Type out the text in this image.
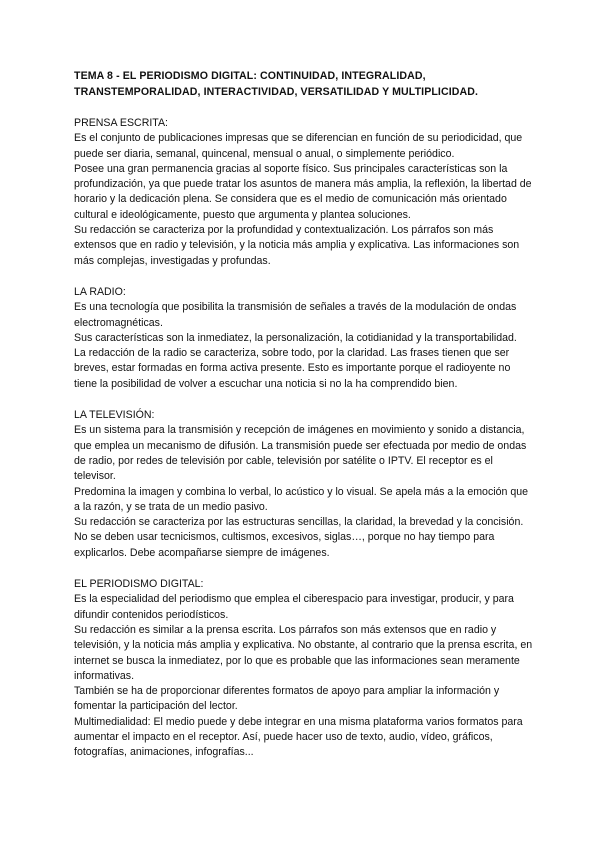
TEMA 8 - EL PERIODISMO DIGITAL: CONTINUIDAD, INTEGRALIDAD, TRANSTEMPORALIDAD, INTERACTIVIDAD, VERSATILIDAD Y MULTIPLICIDAD.

PRENSA ESCRITA:

Es el conjunto de publicaciones impresas que se diferencian en función de su periodicidad, que puede ser diaria, semanal, quincenal, mensual o anual, o simplemente periódico.

Posee una gran permanencia gracias al soporte físico. Sus principales características son la profundización, ya que puede tratar los asuntos de manera más amplia, la reflexión, la libertad de horario y la dedicación plena. Se considera que es el medio de comunicación más orientado cultural e ideológicamente, puesto que argumenta y plantea soluciones.

Su redacción se caracteriza por la profundidad y contextualización. Los párrafos son más extensos que en radio y televisión, y la noticia más amplia y explicativa. Las informaciones son más complejas, investigadas y profundas.

LA RADIO:

Es una tecnología que posibilita la transmisión de señales a través de la modulación de ondas electromagnéticas.

Sus características son la inmediatez, la personalización, la cotidianidad y la transportabilidad.

La redacción de la radio se caracteriza, sobre todo, por la claridad. Las frases tienen que ser breves, estar formadas en forma activa presente. Esto es importante porque el radioyente no tiene la posibilidad de volver a escuchar una noticia si no la ha comprendido bien.

LA TELEVISIÓN:

Es un sistema para la transmisión y recepción de imágenes en movimiento y sonido a distancia, que emplea un mecanismo de difusión. La transmisión puede ser efectuada por medio de ondas de radio, por redes de televisión por cable, televisión por satélite o IPTV. El receptor es el televisor.

Predomina la imagen y combina lo verbal, lo acústico y lo visual. Se apela más a la emoción que a la razón, y se trata de un medio pasivo.

Su redacción se caracteriza por las estructuras sencillas, la claridad, la brevedad y la concisión. No se deben usar tecnicismos, cultismos, excesivos, siglas…, porque no hay tiempo para explicarlos. Debe acompañarse siempre de imágenes.

EL PERIODISMO DIGITAL:

Es la especialidad del periodismo que emplea el ciberespacio para investigar, producir, y para difundir contenidos periodísticos.

Su redacción es similar a la prensa escrita. Los párrafos son más extensos que en radio y televisión, y la noticia más amplia y explicativa. No obstante, al contrario que la prensa escrita, en internet se busca la inmediatez, por lo que es probable que las informaciones sean meramente informativas.

También se ha de proporcionar diferentes formatos de apoyo para ampliar la información y fomentar la participación del lector.

Multimedialidad: El medio puede y debe integrar en una misma plataforma varios formatos para aumentar el impacto en el receptor. Así, puede hacer uso de texto, audio, vídeo, gráficos, fotografías, animaciones, infografías...
